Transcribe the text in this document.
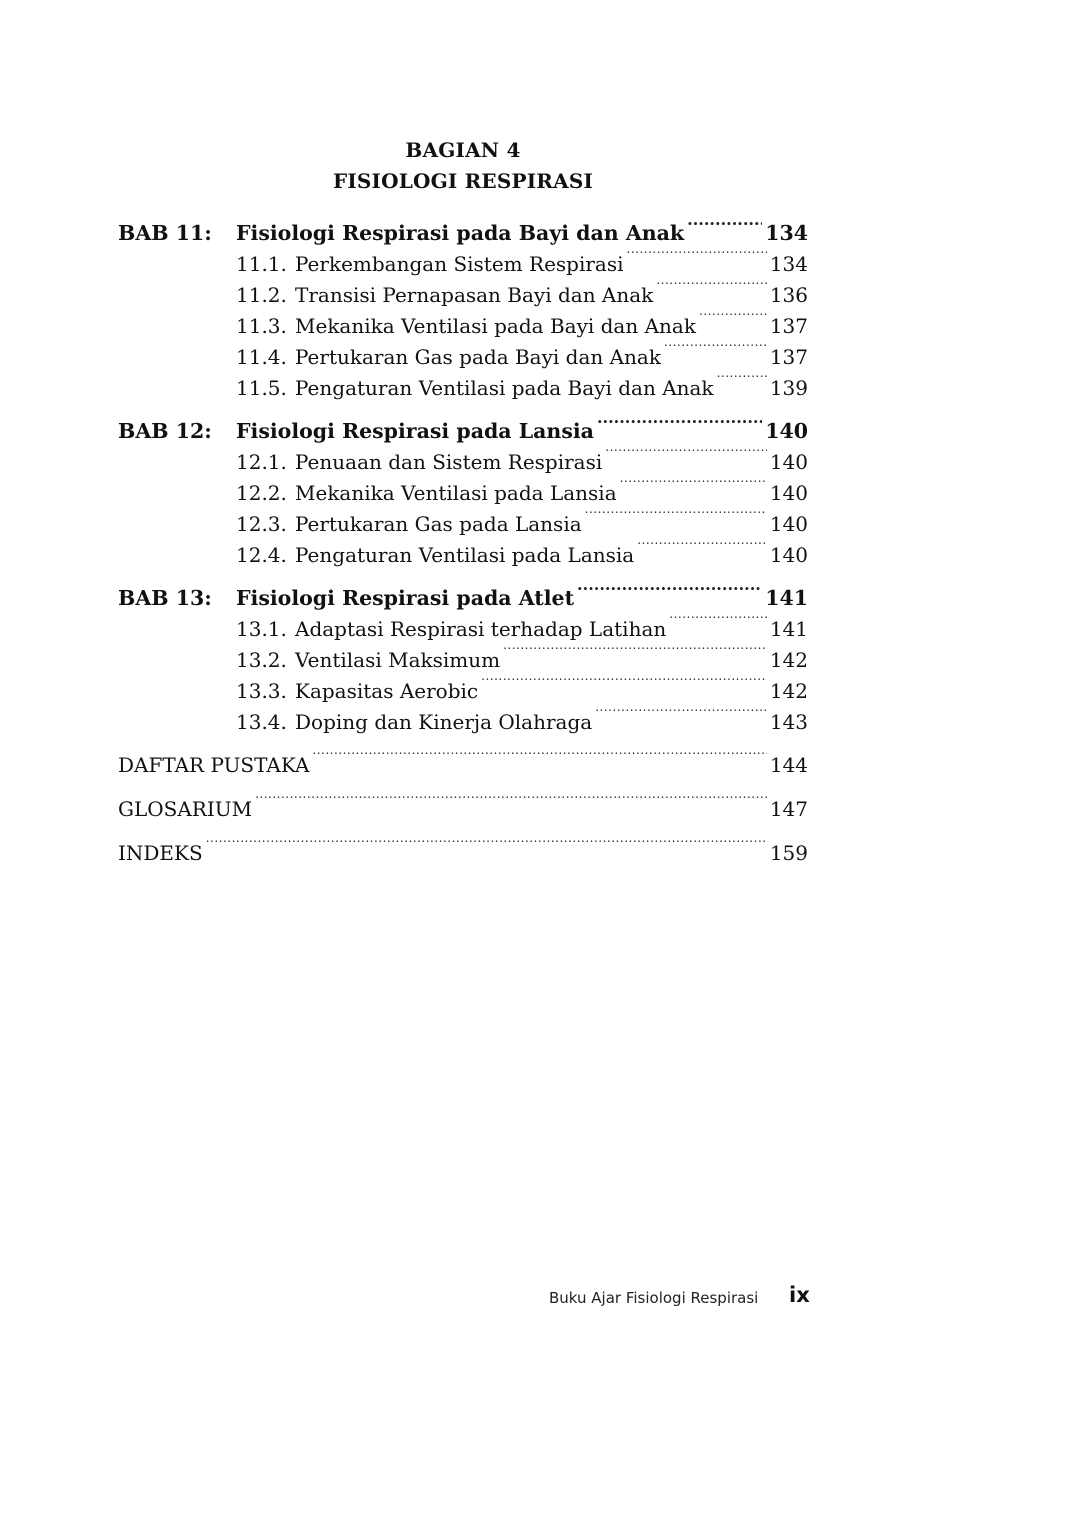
BAGIAN 4
FISIOLOGI RESPIRASI
BAB 11:	Fisiologi Respirasi pada Bayi dan Anak .....	134
11.1. Perkembangan Sistem Respirasi .....	134
11.2. Transisi Pernapasan Bayi dan Anak .....	136
11.3. Mekanika Ventilasi pada Bayi dan Anak .....	137
11.4. Pertukaran Gas pada Bayi dan Anak .....	137
11.5. Pengaturan Ventilasi pada Bayi dan Anak .....	139
BAB 12:	Fisiologi Respirasi pada Lansia .....	140
12.1. Penuaan dan Sistem Respirasi .....	140
12.2. Mekanika Ventilasi pada Lansia .....	140
12.3. Pertukaran Gas pada Lansia .....	140
12.4. Pengaturan Ventilasi pada Lansia .....	140
BAB 13:	Fisiologi Respirasi pada Atlet .....	141
13.1. Adaptasi Respirasi terhadap Latihan .....	141
13.2. Ventilasi Maksimum .....	142
13.3. Kapasitas Aerobic .....	142
13.4. Doping dan Kinerja Olahraga .....	143
DAFTAR PUSTAKA .....	144
GLOSARIUM .....	147
INDEKS .....	159
Buku Ajar Fisiologi Respirasi ix
